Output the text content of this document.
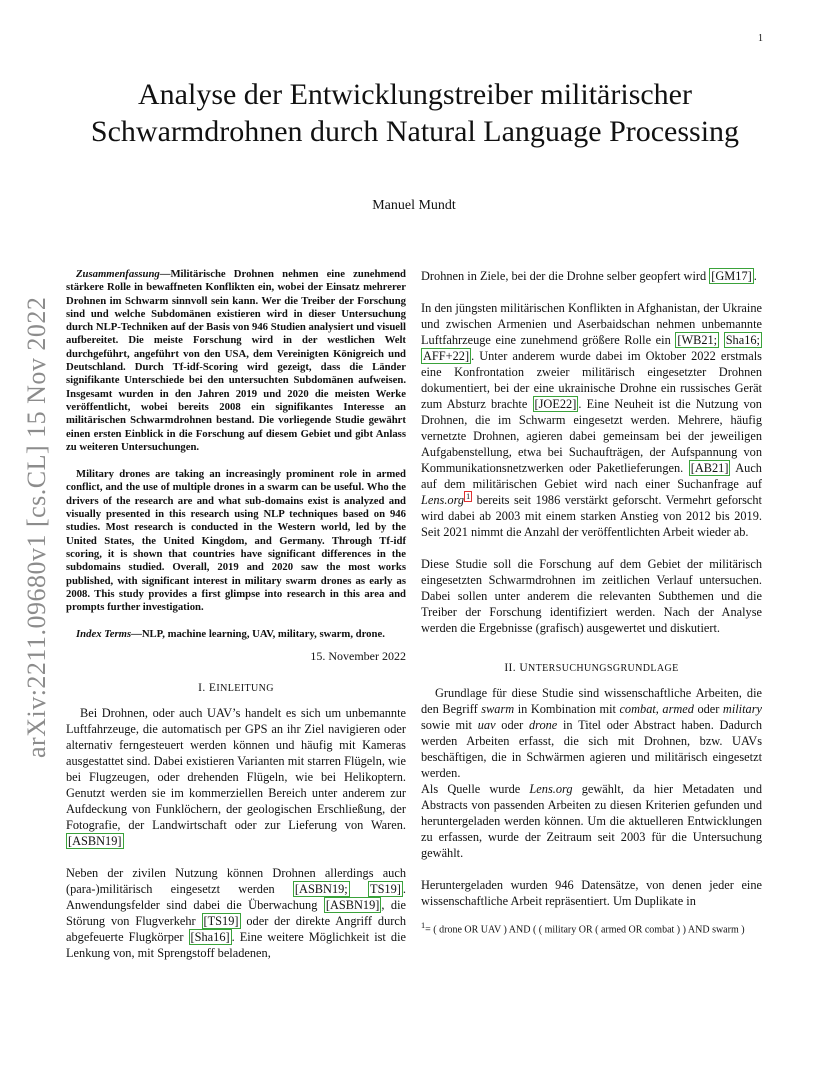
1
arXiv:2211.09680v1 [cs.CL] 15 Nov 2022
Analyse der Entwicklungstreiber militärischer Schwarmdrohnen durch Natural Language Processing
Manuel Mundt

Zusammenfassung—Militärische Drohnen nehmen eine zunehmend stärkere Rolle in bewaffneten Konflikten ein, wobei der Einsatz mehrerer Drohnen im Schwarm sinnvoll sein kann. Wer die Treiber der Forschung sind und welche Subdomänen existieren wird in dieser Untersuchung durch NLP-Techniken auf der Basis von 946 Studien analysiert und visuell aufbereitet. Die meiste Forschung wird in der westlichen Welt durchgeführt, angeführt von den USA, dem Vereinigten Königreich und Deutschland. Durch Tf-idf-Scoring wird gezeigt, dass die Länder signifikante Unterschiede bei den untersuchten Subdomänen aufweisen. Insgesamt wurden in den Jahren 2019 und 2020 die meisten Werke veröffentlicht, wobei bereits 2008 ein signifikantes Interesse an militärischen Schwarmdrohnen bestand. Die vorliegende Studie gewährt einen ersten Einblick in die Forschung auf diesem Gebiet und gibt Anlass zu weiteren Untersuchungen.

Military drones are taking an increasingly prominent role in armed conflict, and the use of multiple drones in a swarm can be useful. Who the drivers of the research are and what sub-domains exist is analyzed and visually presented in this research using NLP techniques based on 946 studies. Most research is conducted in the Western world, led by the United States, the United Kingdom, and Germany. Through Tf-idf scoring, it is shown that countries have significant differences in the subdomains studied. Overall, 2019 and 2020 saw the most works published, with significant interest in military swarm drones as early as 2008. This study provides a first glimpse into research in this area and prompts further investigation.

Index Terms—NLP, machine learning, UAV, military, swarm, drone.

15. November 2022
I. EINLEITUNG

Bei Drohnen, oder auch UAV’s handelt es sich um unbemannte Luftfahrzeuge, die automatisch per GPS an ihr Ziel navigieren oder alternativ ferngesteuert werden können und häufig mit Kameras ausgestattet sind. Dabei existieren Varianten mit starren Flügeln, wie bei Flugzeugen, oder drehenden Flügeln, wie bei Helikoptern. Genutzt werden sie im kommerziellen Bereich unter anderem zur Aufdeckung von Funklöchern, der geologischen Erschließung, der Fotografie, der Landwirtschaft oder zur Lieferung von Waren. [ASBN19]

Neben der zivilen Nutzung können Drohnen allerdings auch (para-)militärisch eingesetzt werden [ASBN19; TS19] . Anwendungsfelder sind dabei die Überwachung [ASBN19] , die Störung von Flugverkehr [TS19] oder der direkte Angriff durch abgefeuerte Flugkörper [Sha16] . Eine weitere Möglichkeit ist die Lenkung von, mit Sprengstoff beladenen,

Drohnen in Ziele, bei der die Drohne selber geopfert wird [GM17] .

In den jüngsten militärischen Konflikten in Afghanistan, der Ukraine und zwischen Armenien und Aserbaidschan nehmen unbemannte Luftfahrzeuge eine zunehmend größere Rolle ein [WB21; Sha16; AFF+22] . Unter anderem wurde dabei im Oktober 2022 erstmals eine Konfrontation zweier militärisch eingesetzter Drohnen dokumentiert, bei der eine ukrainische Drohne ein russisches Gerät zum Absturz brachte [JOE22] . Eine Neuheit ist die Nutzung von Drohnen, die im Schwarm eingesetzt werden. Mehrere, häufig vernetzte Drohnen, agieren dabei gemeinsam bei der jeweiligen Aufgabenstellung, etwa bei Suchaufträgen, der Aufspannung von Kommunikationsnetzwerken oder Paketlieferungen. [AB21] Auch auf dem militärischen Gebiet wird nach einer Suchanfrage auf Lens.org $^1$ bereits seit 1986 verstärkt geforscht. Vermehrt geforscht wird dabei ab 2003 mit einem starken Anstieg von 2012 bis 2019. Seit 2021 nimmt die Anzahl der veröffentlichten Arbeit wieder ab.

Diese Studie soll die Forschung auf dem Gebiet der militärisch eingesetzten Schwarmdrohnen im zeitlichen Verlauf untersuchen. Dabei sollen unter anderem die relevanten Subthemen und die Treiber der Forschung identifiziert werden. Nach der Analyse werden die Ergebnisse (grafisch) ausgewertet und diskutiert.

II. UNTERSUCHUNGSGRUNDLAGE

Grundlage für diese Studie sind wissenschaftliche Arbeiten, die den Begriff swarm in Kombination mit combat, armed oder military sowie mit uav oder drone in Titel oder Abstract haben. Dadurch werden Arbeiten erfasst, die sich mit Drohnen, bzw. UAVs beschäftigen, die in Schwärmen agieren und militärisch eingesetzt werden.

Als Quelle wurde Lens.org gewählt, da hier Metadaten und Abstracts von passenden Arbeiten zu diesen Kriterien gefunden und heruntergeladen werden können. Um die aktuelleren Entwicklungen zu erfassen, wurde der Zeitraum seit 2003 für die Untersuchung gewählt.

Heruntergeladen wurden 946 Datensätze, von denen jeder eine wissenschaftliche Arbeit repräsentiert. Um Duplikate in

$^1$= ( drone OR UAV ) AND ( ( military OR ( armed OR combat ) ) AND swarm )
